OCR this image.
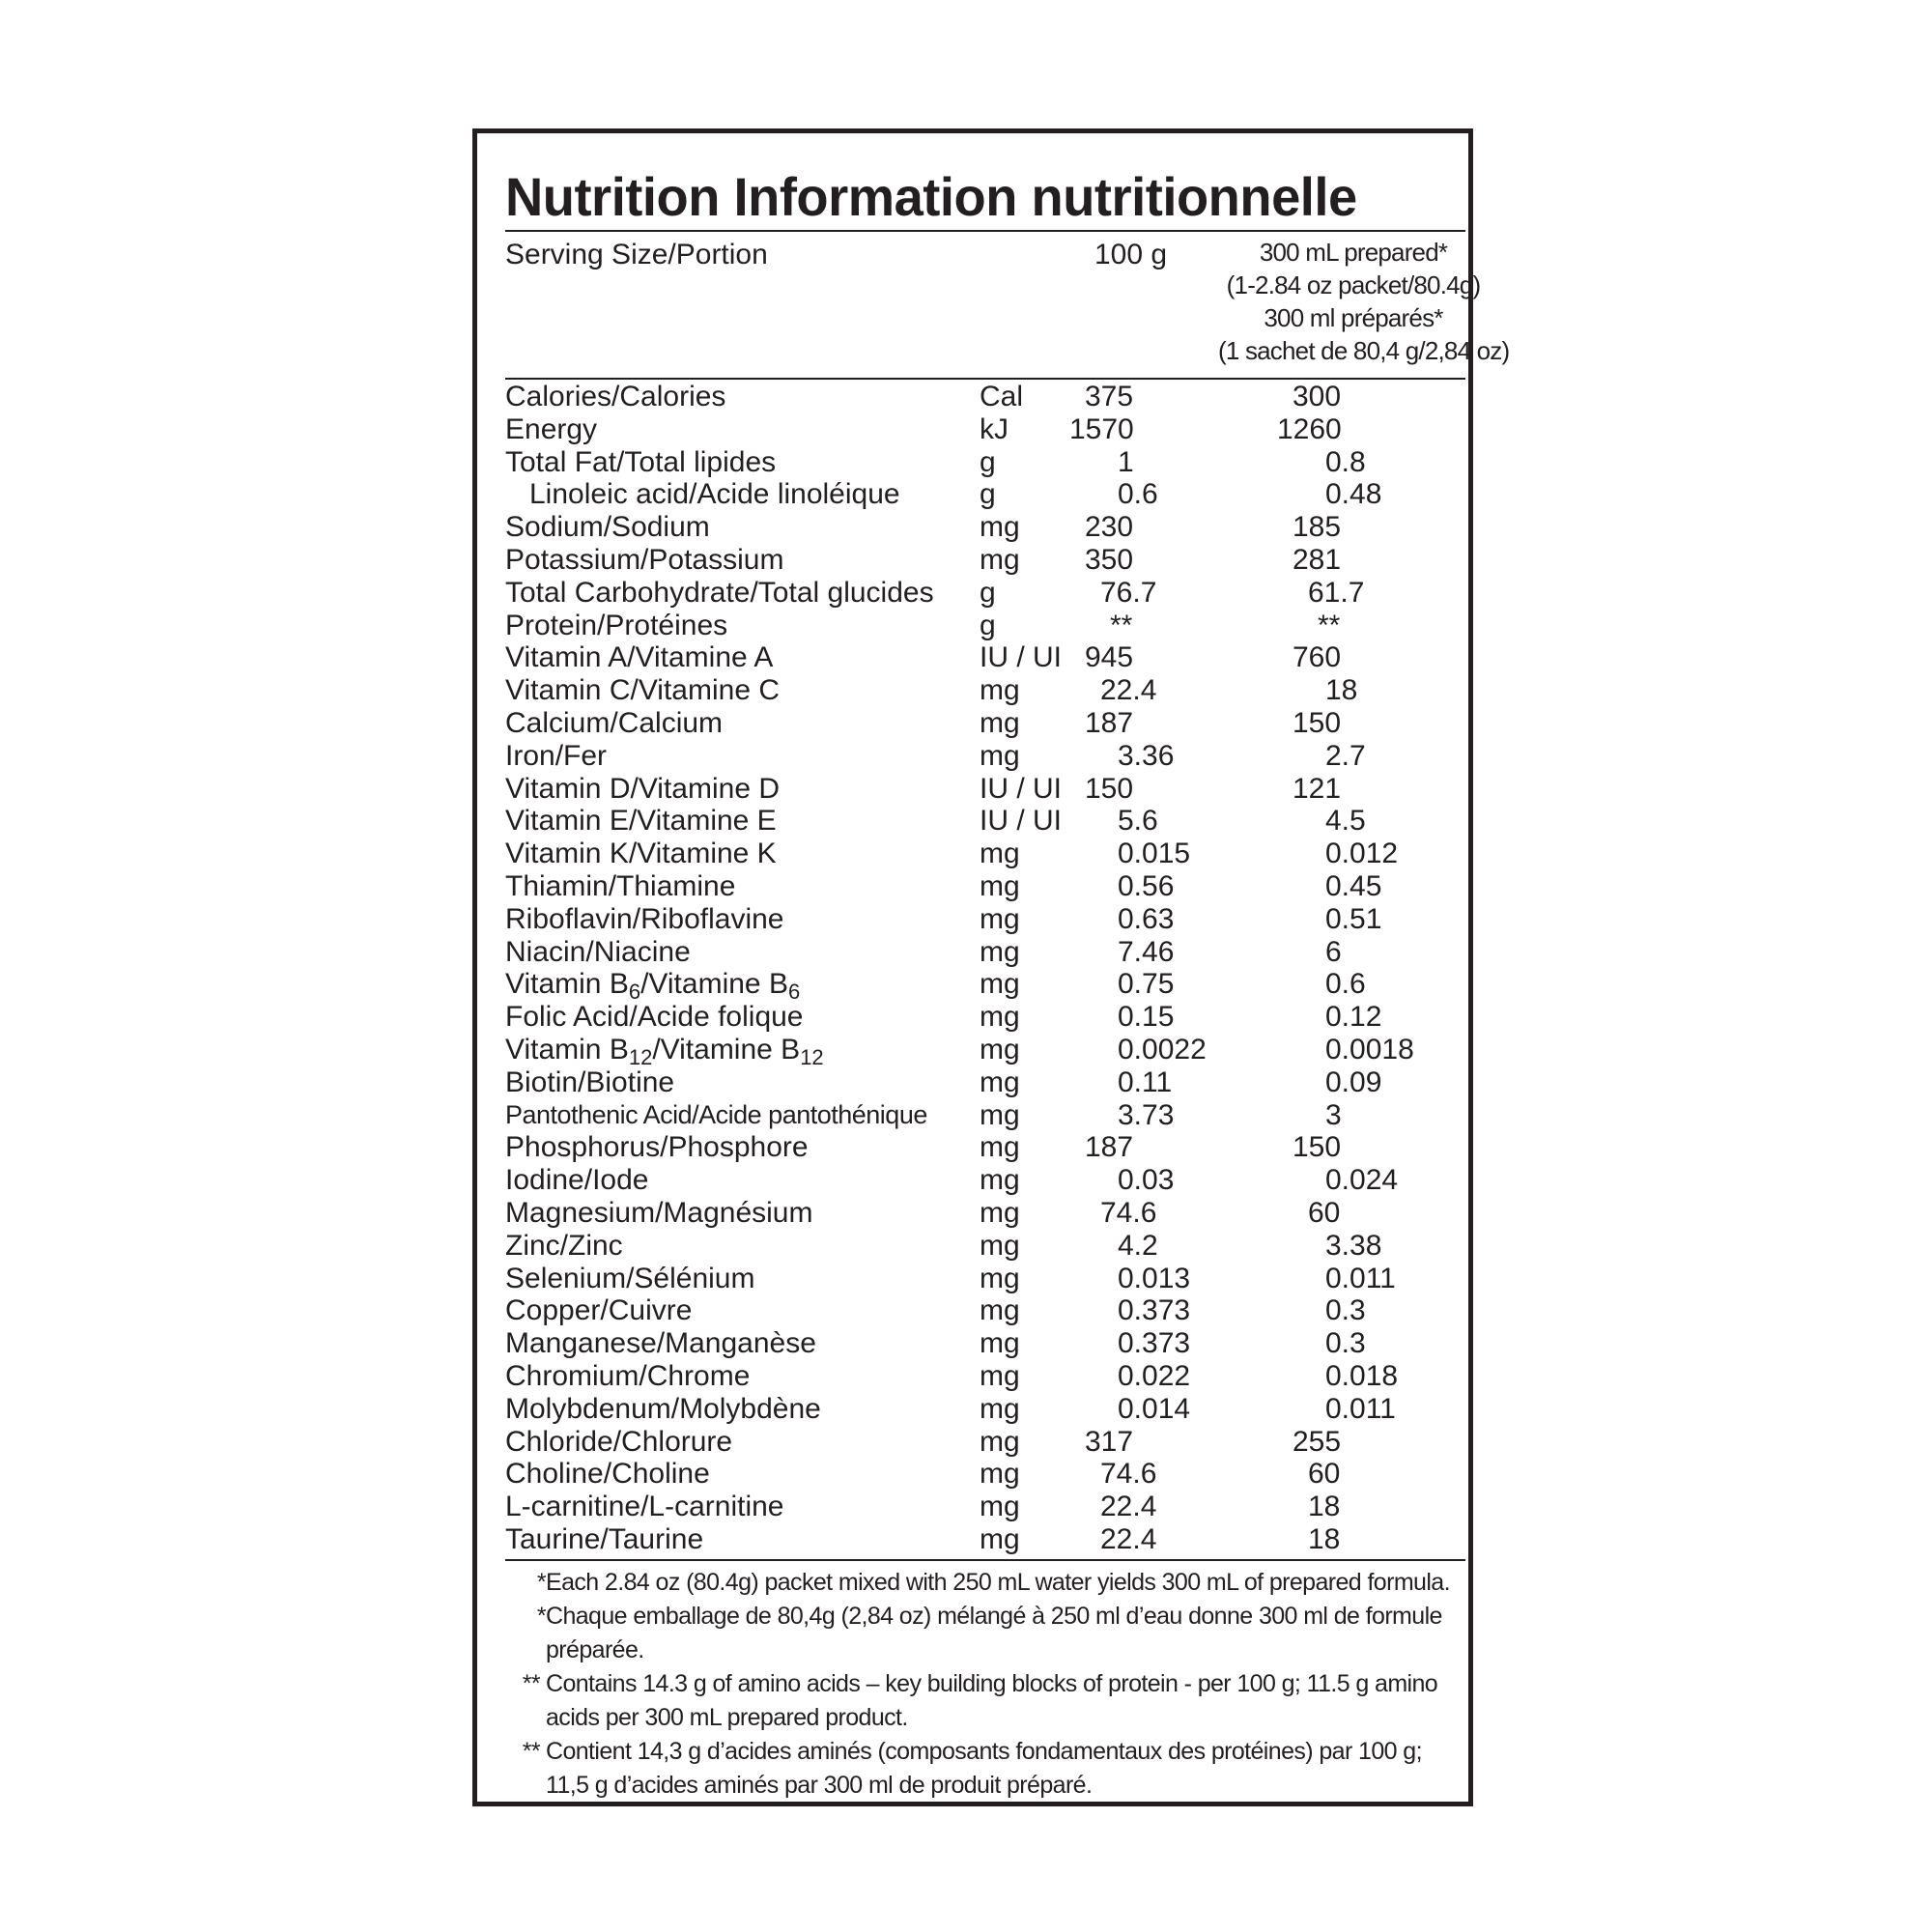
Nutrition Information nutritionnelle
Serving Size/Portion	100 g	300 mL prepared*
(1-2.84 oz packet/80.4g)
300 ml préparés*
(1 sachet de 80,4 g/2,84 oz)
Calories/Calories	Cal 375	300
Energy	kJ 1570	1260
Total Fat/Total lipides	g	1	0.8
Linoleic acid/Acide linoléique	g	0.6	0.48
Sodium/Sodium	mg 230	185
Potassium/Potassium	mg 350	281
Total Carbohydrate/Total glucides g	76.7	61.7
Protein/Protéines	g	**	**
Vitamin A/Vitamine A	IU / UI 945	760
Vitamin C/Vitamine C	mg	22.4	18
Calcium/Calcium	mg 187	150
Iron/Fer	mg	3.36	2.7
Vitamin D/Vitamine D	IU / UI 150	121
Vitamin E/Vitamine E	IU / UI	5.6	4.5
Vitamin K/Vitamine K	mg	0.015	0.012
Thiamin/Thiamine	mg	0.56	0.45
Riboflavin/Riboflavine	mg	0.63	0.51
Niacin/Niacine	mg	7.46	6
Vitamin $B_6$/Vitamine $B_6$	mg	0.75	0.6
Folic Acid/Acide folique	mg	0.15	0.12
Vitamin $B_{12}$/Vitamine $B_{12}$	mg	0.0022	0.0018
Biotin/Biotine	mg	0.11	0.09
Pantothenic Acid/Acide pantothénique mg	3.73	3
Phosphorus/Phosphore	mg 187	150
Iodine/Iode	mg	0.03	0.024
Magnesium/Magnésium	mg	74.6	60
Zinc/Zinc	mg	4.2	3.38
Selenium/Sélénium	mg	0.013	0.011
Copper/Cuivre	mg	0.373	0.3
Manganese/Manganèse	mg	0.373	0.3
Chromium/Chrome	mg	0.022	0.018
Molybdenum/Molybdène	mg	0.014	0.011
Chloride/Chlorure	mg 317	255
Choline/Choline	mg	74.6	60
L-carnitine/L-carnitine	mg	22.4	18
Taurine/Taurine	mg	22.4	18
* Each 2.84 oz (80.4g) packet mixed with 250 mL water yields 300 mL of prepared formula.
* Chaque emballage de 80,4g (2,84 oz) mélangé à 250 ml d’eau donne 300 ml de formule préparée.
** Contains 14.3 g of amino acids – key building blocks of protein - per 100 g; 11.5 g amino acids per 300 mL prepared product.
** Contient 14,3 g d’acides aminés (composants fondamentaux des protéines) par 100 g; 11,5 g d’acides aminés par 300 ml de produit préparé.
